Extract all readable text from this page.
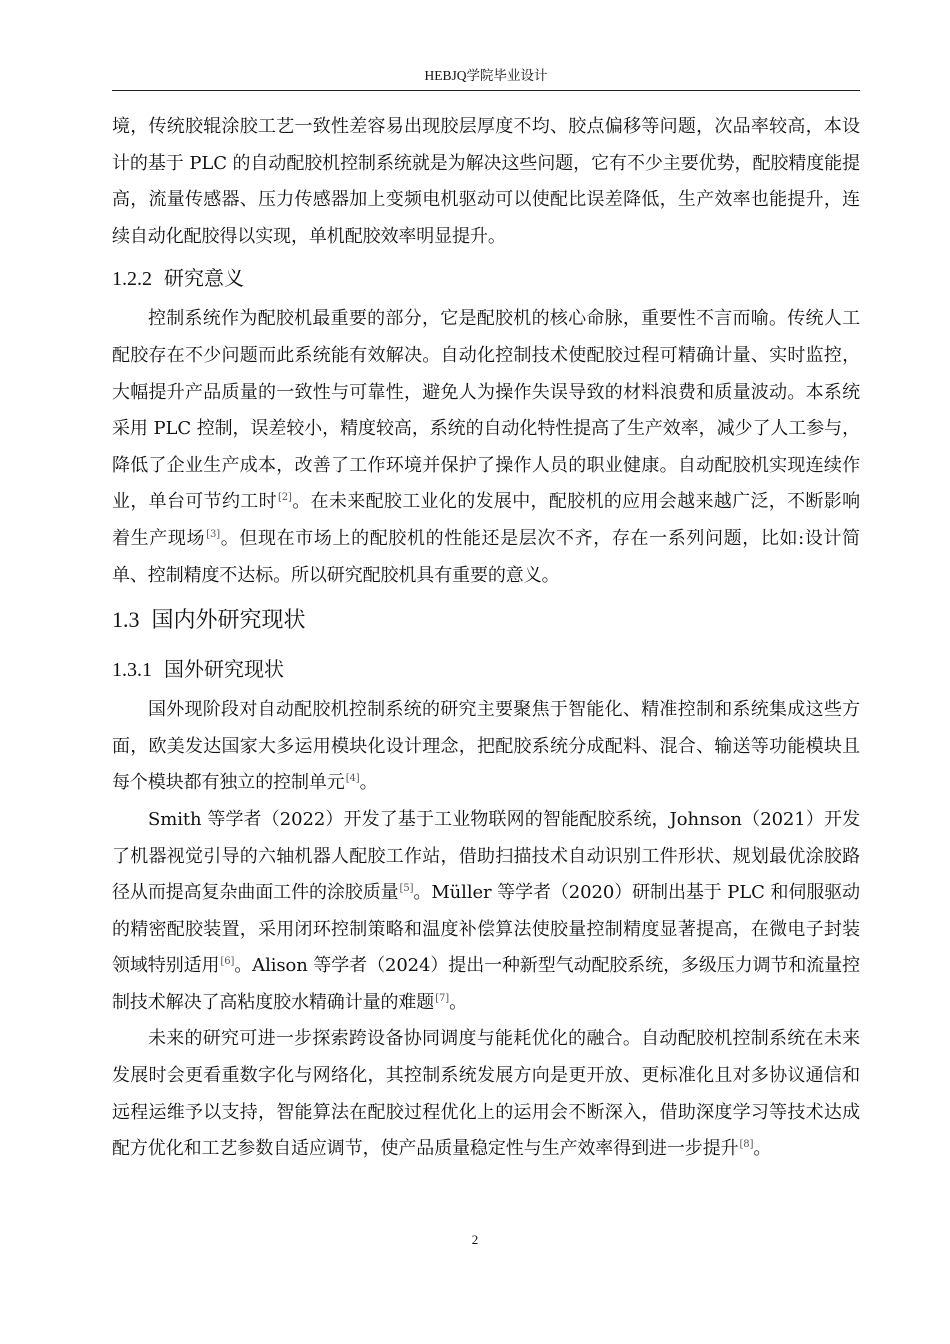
HEBJQ学院毕业设计

境，传统胶辊涂胶工艺一致性差容易出现胶层厚度不均、胶点偏移等问题，次品率较高，本设计的基于 PLC 的自动配胶机控制系统就是为解决这些问题，它有不少主要优势，配胶精度能提高，流量传感器、压力传感器加上变频电机驱动可以使配比误差降低，生产效率也能提升，连续自动化配胶得以实现，单机配胶效率明显提升。

1.2.2 研究意义

控制系统作为配胶机最重要的部分，它是配胶机的核心命脉，重要性不言而喻。传统人工配胶存在不少问题而此系统能有效解决。自动化控制技术使配胶过程可精确计量、实时监控，大幅提升产品质量的一致性与可靠性，避免人为操作失误导致的材料浪费和质量波动。本系统采用 PLC 控制，误差较小，精度较高，系统的自动化特性提高了生产效率，减少了人工参与，降低了企业生产成本，改善了工作环境并保护了操作人员的职业健康。自动配胶机实现连续作业，单台可节约工时[2]。在未来配胶工业化的发展中，配胶机的应用会越来越广泛，不断影响着生产现场[3]。但现在市场上的配胶机的性能还是层次不齐，存在一系列问题，比如:设计简单、控制精度不达标。所以研究配胶机具有重要的意义。

1.3 国内外研究现状
1.3.1 国外研究现状

国外现阶段对自动配胶机控制系统的研究主要聚焦于智能化、精准控制和系统集成这些方面，欧美发达国家大多运用模块化设计理念，把配胶系统分成配料、混合、输送等功能模块且每个模块都有独立的控制单元[4]。

Smith 等学者（2022）开发了基于工业物联网的智能配胶系统，Johnson（2021）开发了机器视觉引导的六轴机器人配胶工作站，借助扫描技术自动识别工件形状、规划最优涂胶路径从而提高复杂曲面工件的涂胶质量[5]。Müller 等学者（2020）研制出基于 PLC 和伺服驱动的精密配胶装置，采用闭环控制策略和温度补偿算法使胶量控制精度显著提高，在微电子封装领域特别适用[6]。Alison 等学者（2024）提出一种新型气动配胶系统，多级压力调节和流量控制技术解决了高粘度胶水精确计量的难题[7]。

未来的研究可进一步探索跨设备协同调度与能耗优化的融合。自动配胶机控制系统在未来发展时会更看重数字化与网络化，其控制系统发展方向是更开放、更标准化且对多协议通信和远程运维予以支持，智能算法在配胶过程优化上的运用会不断深入，借助深度学习等技术达成配方优化和工艺参数自适应调节，使产品质量稳定性与生产效率得到进一步提升[8]。

2
